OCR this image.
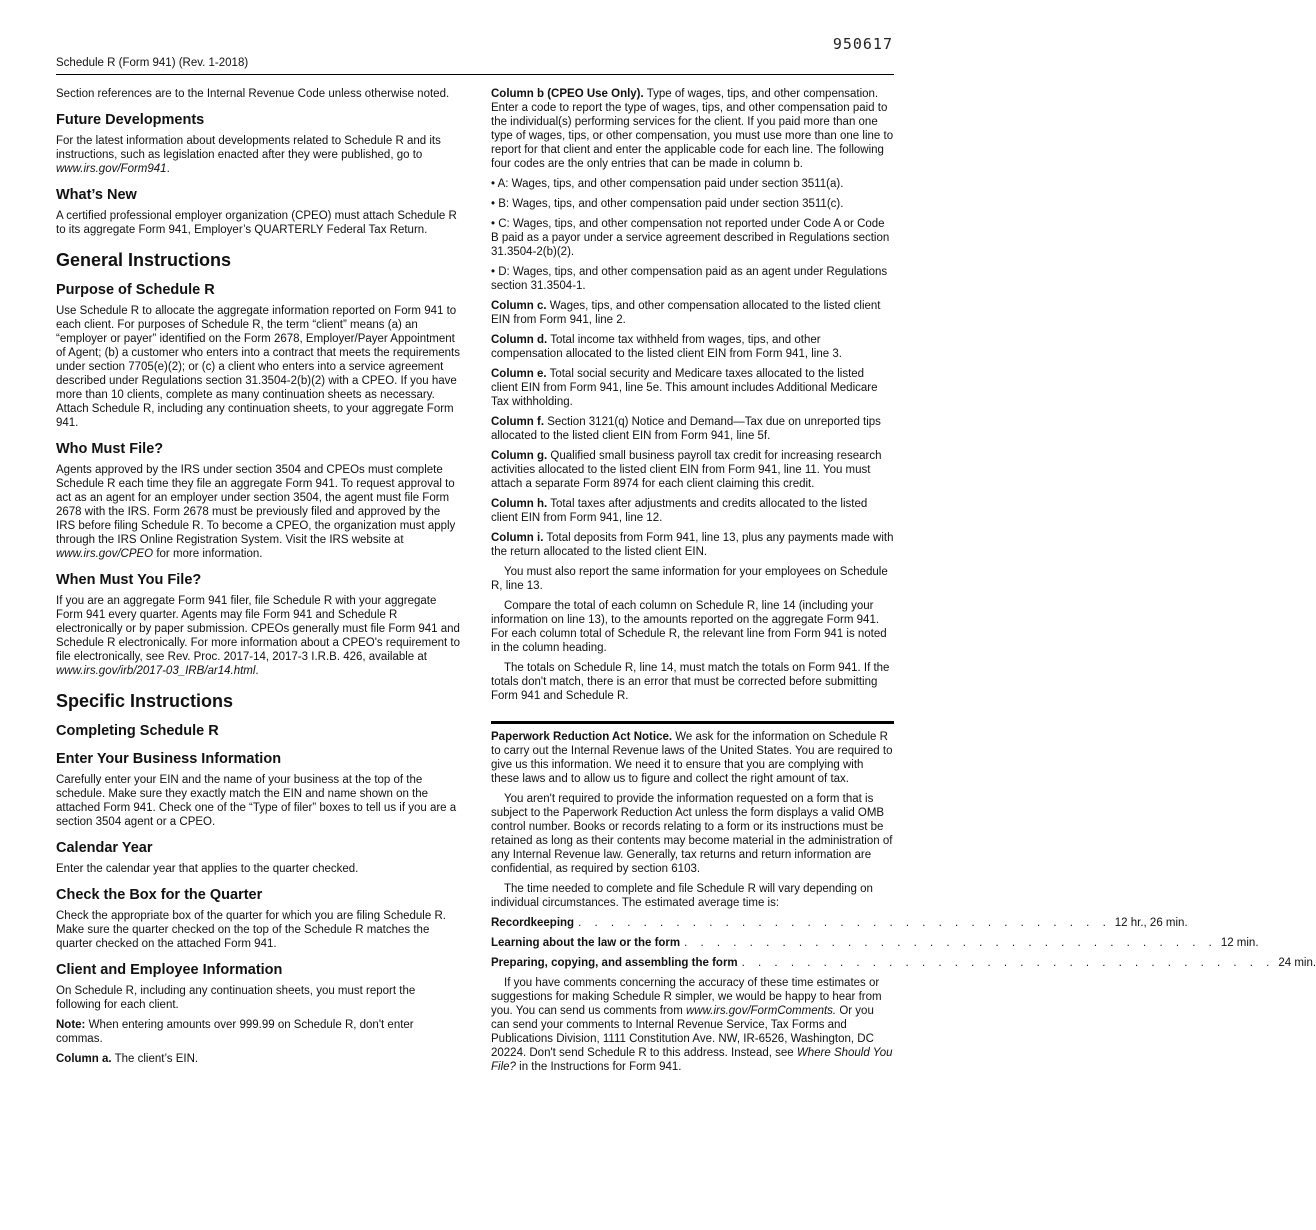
950617
Schedule R (Form 941) (Rev. 1-2018)

Section references are to the Internal Revenue Code unless otherwise noted.

Future Developments

For the latest information about developments related to Schedule R and its instructions, such as legislation enacted after they were published, go to www.irs.gov/Form941.

What’s New

A certified professional employer organization (CPEO) must attach Schedule R to its aggregate Form 941, Employer’s QUARTERLY Federal Tax Return.

General Instructions
Purpose of Schedule R

Use Schedule R to allocate the aggregate information reported on Form 941 to each client. For purposes of Schedule R, the term “client” means (a) an “employer or payer” identified on the Form 2678, Employer/Payer Appointment of Agent; (b) a customer who enters into a contract that meets the requirements under section 7705(e)(2); or (c) a client who enters into a service agreement described under Regulations section 31.3504-2(b)(2) with a CPEO. If you have more than 10 clients, complete as many continuation sheets as necessary. Attach Schedule R, including any continuation sheets, to your aggregate Form 941.

Who Must File?

Agents approved by the IRS under section 3504 and CPEOs must complete Schedule R each time they file an aggregate Form 941. To request approval to act as an agent for an employer under section 3504, the agent must file Form 2678 with the IRS. Form 2678 must be previously filed and approved by the IRS before filing Schedule R. To become a CPEO, the organization must apply through the IRS Online Registration System. Visit the IRS website at www.irs.gov/CPEO for more information.

When Must You File?

If you are an aggregate Form 941 filer, file Schedule R with your aggregate Form 941 every quarter. Agents may file Form 941 and Schedule R electronically or by paper submission. CPEOs generally must file Form 941 and Schedule R electronically. For more information about a CPEO's requirement to file electronically, see Rev. Proc. 2017-14, 2017-3 I.R.B. 426, available at www.irs.gov/irb/2017-03_IRB/ar14.html.

Specific Instructions
Completing Schedule R
Enter Your Business Information

Carefully enter your EIN and the name of your business at the top of the schedule. Make sure they exactly match the EIN and name shown on the attached Form 941. Check one of the “Type of filer” boxes to tell us if you are a section 3504 agent or a CPEO.

Calendar Year

Enter the calendar year that applies to the quarter checked.

Check the Box for the Quarter

Check the appropriate box of the quarter for which you are filing Schedule R. Make sure the quarter checked on the top of the Schedule R matches the quarter checked on the attached Form 941.

Client and Employee Information

On Schedule R, including any continuation sheets, you must report the following for each client.

Note: When entering amounts over 999.99 on Schedule R, don't enter commas.

Column a. The client’s EIN.

Column b (CPEO Use Only). Type of wages, tips, and other compensation. Enter a code to report the type of wages, tips, and other compensation paid to the individual(s) performing services for the client. If you paid more than one type of wages, tips, or other compensation, you must use more than one line to report for that client and enter the applicable code for each line. The following four codes are the only entries that can be made in column b.

• A: Wages, tips, and other compensation paid under section 3511(a).

• B: Wages, tips, and other compensation paid under section 3511(c).

• C: Wages, tips, and other compensation not reported under Code A or Code B paid as a payor under a service agreement described in Regulations section 31.3504-2(b)(2).

• D: Wages, tips, and other compensation paid as an agent under Regulations section 31.3504-1.

Column c. Wages, tips, and other compensation allocated to the listed client EIN from Form 941, line 2.

Column d. Total income tax withheld from wages, tips, and other compensation allocated to the listed client EIN from Form 941, line 3.

Column e. Total social security and Medicare taxes allocated to the listed client EIN from Form 941, line 5e. This amount includes Additional Medicare Tax withholding.

Column f. Section 3121(q) Notice and Demand—Tax due on unreported tips allocated to the listed client EIN from Form 941, line 5f.

Column g. Qualified small business payroll tax credit for increasing research activities allocated to the listed client EIN from Form 941, line 11. You must attach a separate Form 8974 for each client claiming this credit.

Column h. Total taxes after adjustments and credits allocated to the listed client EIN from Form 941, line 12.

Column i. Total deposits from Form 941, line 13, plus any payments made with the return allocated to the listed client EIN.

You must also report the same information for your employees on Schedule R, line 13.

Compare the total of each column on Schedule R, line 14 (including your information on line 13), to the amounts reported on the aggregate Form 941. For each column total of Schedule R, the relevant line from Form 941 is noted in the column heading.

The totals on Schedule R, line 14, must match the totals on Form 941. If the totals don't match, there is an error that must be corrected before submitting Form 941 and Schedule R.

Paperwork Reduction Act Notice. We ask for the information on Schedule R to carry out the Internal Revenue laws of the United States. You are required to give us this information. We need it to ensure that you are complying with these laws and to allow us to figure and collect the right amount of tax.

You aren't required to provide the information requested on a form that is subject to the Paperwork Reduction Act unless the form displays a valid OMB control number. Books or records relating to a form or its instructions must be retained as long as their contents may become material in the administration of any Internal Revenue law. Generally, tax returns and return information are confidential, as required by section 6103.

The time needed to complete and file Schedule R will vary depending on individual circumstances. The estimated average time is:

Recordkeeping . . . . . . . . . . . . . . . . . . . . . . . . . . . . . . . . . 12 hr., 26 min.
Learning about the law or the form . . . . . . . . . . . . . . . . . . . . . . . . . . . . . . . . . 12 min.
Preparing, copying, and assembling the form . . . . . . . . . . . . . . . . . . . . . . . . . . . . . . . . . 24 min.

If you have comments concerning the accuracy of these time estimates or suggestions for making Schedule R simpler, we would be happy to hear from you. You can send us comments from www.irs.gov/FormComments. Or you can send your comments to Internal Revenue Service, Tax Forms and Publications Division, 1111 Constitution Ave. NW, IR-6526, Washington, DC 20224. Don't send Schedule R to this address. Instead, see Where Should You File? in the Instructions for Form 941.
